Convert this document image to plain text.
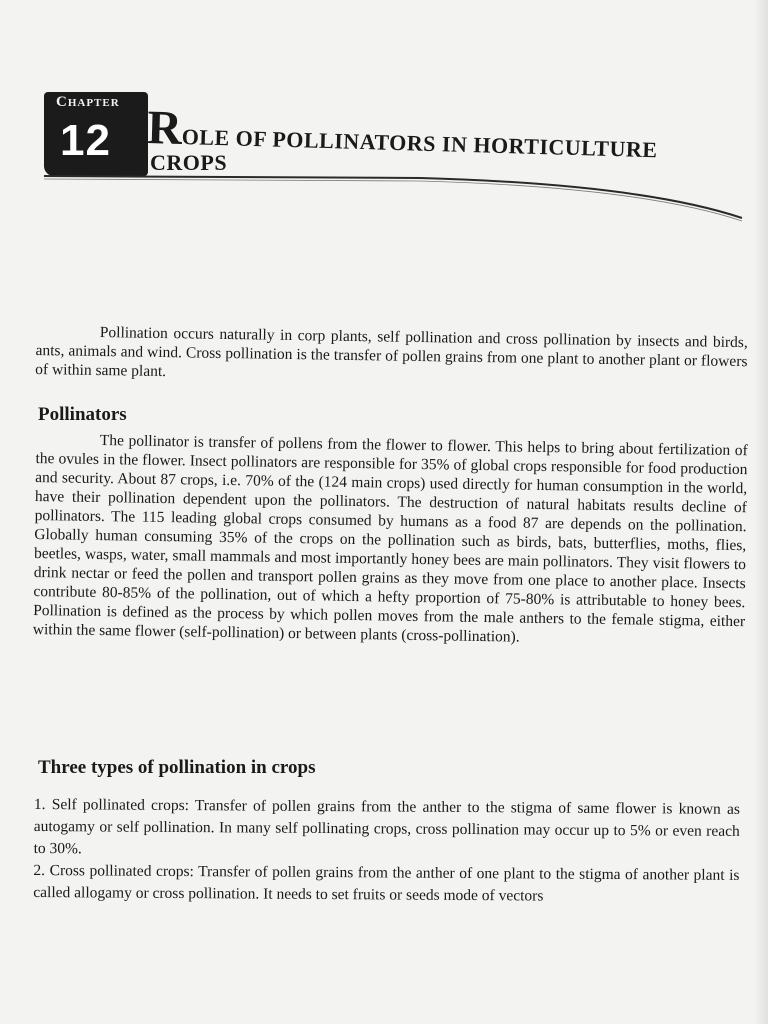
Chapter
12 ROLE OF POLLINATORS IN HORTICULTURE
CROPS
Pollination occurs naturally in corp plants, self pollination and cross pollination by insects and birds, ants, animals and wind. Cross pollination is the transfer of pollen grains from one plant to another plant or flowers of within same plant.
Pollinators
The pollinator is transfer of pollens from the flower to flower. This helps to bring about fertilization of the ovules in the flower. Insect pollinators are responsible for 35% of global crops responsible for food production and security. About 87 crops, i.e. 70% of the (124 main crops) used directly for human consumption in the world, have their pollination dependent upon the pollinators. The destruction of natural habitats results decline of pollinators. The 115 leading global crops consumed by humans as a food 87 are depends on the pollination. Globally human consuming 35% of the crops on the pollination such as birds, bats, butterflies, moths, flies, beetles, wasps, water, small mammals and most importantly honey bees are main pollinators. They visit flowers to drink nectar or feed the pollen and transport pollen grains as they move from one place to another place. Insects contribute 80-85% of the pollination, out of which a hefty proportion of 75-80% is attributable to honey bees. Pollination is defined as the process by which pollen moves from the male anthers to the female stigma, either within the same flower (self-pollination) or between plants (cross-pollination).
Three types of pollination in crops

1. Self pollinated crops: Transfer of pollen grains from the anther to the stigma of same flower is known as autogamy or self pollination. In many self pollinating crops, cross pollination may occur up to 5% or even reach to 30%.

2. Cross pollinated crops: Transfer of pollen grains from the anther of one plant to the stigma of another plant is called allogamy or cross pollination. It needs to set fruits or seeds mode of vectors
